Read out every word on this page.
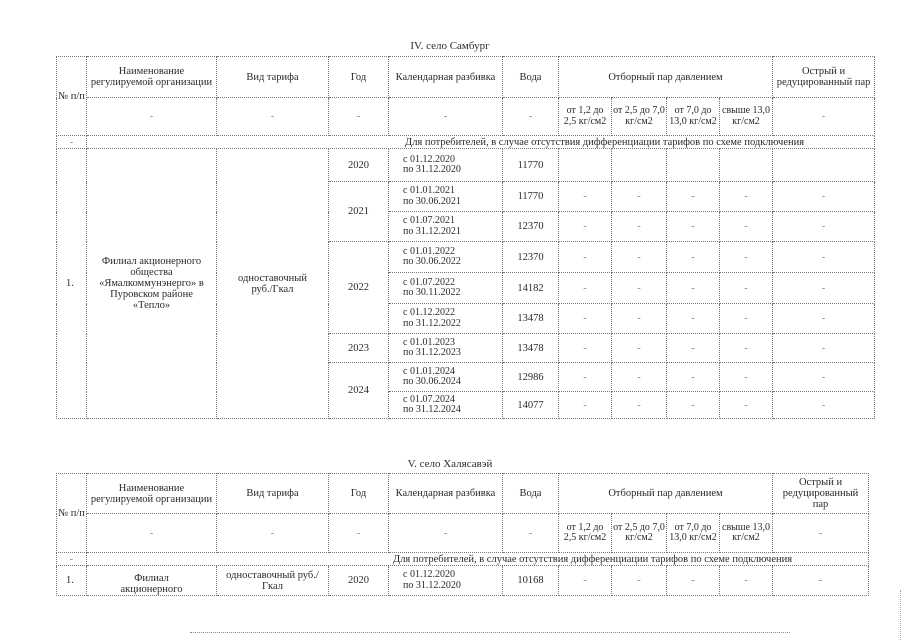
IV. село Самбург
№ п/п	Наименование регулируемой организации	Вид тарифа	Год	Календарная разбивка	Вода	Отборный пар давлением				Острый и редуцированный пар
	-	-	-	-	-	от 1,2 до 2,5 кг/см2	от 2,5 до 7,0 кг/см2	от 7,0 до 13,0 кг/см2	свыше 13,0 кг/см2	-
-	Для потребителей, в случае отсутствия дифференциации тарифов по схеме подключения									
1.	Филиал акционерного общества «Ямалкоммунэнерго» в Пуровском районе «Тепло»	одноставочный руб./Гкал	2020	с 01.12.2020
по 31.12.2020	11770					
			2021	с 01.01.2021
по 30.06.2021	11770	-	-	-	-	-

				с 01.07.2021
по 31.12.2021	12370	-	-	-	-	-
			2022	с 01.01.2022
по 30.06.2022	12370	-	-	-	-	-

				с 01.07.2022
по 30.11.2022	14182	-	-	-	-	-

				с 01.12.2022
по 31.12.2022	13478	-	-	-	-	-
			2023	с 01.01.2023
по 31.12.2023	13478	-	-	-	-	-
			2024	с 01.01.2024
по 30.06.2024	12986	-	-	-	-	-

				с 01.07.2024
по 31.12.2024	14077	-	-	-	-	-
V. село Халясавэй
№ п/п	Наименование регулируемой организации	Вид тарифа	Год	Календарная разбивка	Вода	Отборный пар давлением				Острый и редуцированный пар
	-	-	-	-	-	от 1,2 до 2,5 кг/см2	от 2,5 до 7,0 кг/см2	от 7,0 до 13,0 кг/см2	свыше 13,0 кг/см2	-
-	Для потребителей, в случае отсутствия дифференциации тарифов по схеме подключения									
1.	Филиал акционерного	одноставочный руб./Гкал	2020	с 01.12.2020
по 31.12.2020	10168	-	-	-	-	-
